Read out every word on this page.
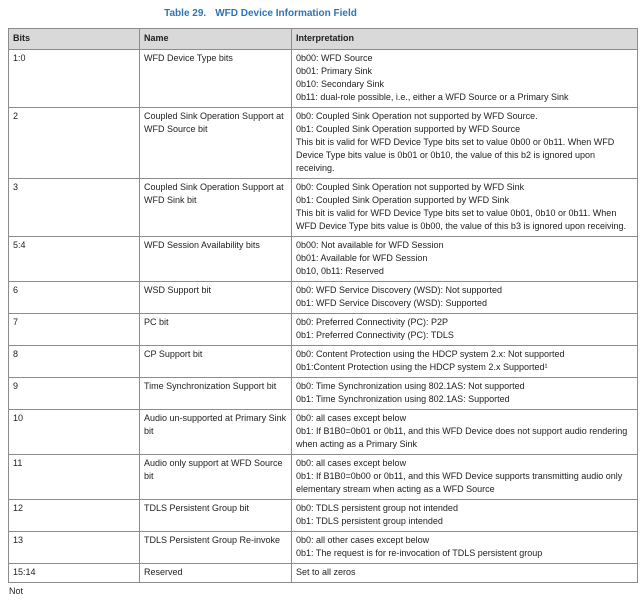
Table 29. WFD Device Information Field
Bits	Name	Interpretation
1:0	WFD Device Type bits	0b00: WFD Source
0b01: Primary Sink
0b10: Secondary Sink
0b11: dual-role possible, i.e., either a WFD Source or a Primary Sink

2	Coupled Sink Operation Support at WFD Source bit	0b0: Coupled Sink Operation not supported by WFD Source.
0b1: Coupled Sink Operation supported by WFD Source
This bit is valid for WFD Device Type bits set to value 0b00 or 0b11. When WFD Device Type bits value is 0b01 or 0b10, the value of this b2 is ignored upon receiving.

3	Coupled Sink Operation Support at WFD Sink bit	0b0: Coupled Sink Operation not supported by WFD Sink
0b1: Coupled Sink Operation supported by WFD Sink
This bit is valid for WFD Device Type bits set to value 0b01, 0b10 or 0b11. When WFD Device Type bits value is 0b00, the value of this b3 is ignored upon receiving.

5:4	WFD Session Availability bits	0b00: Not available for WFD Session
0b01: Available for WFD Session
0b10, 0b11: Reserved

6	WSD Support bit	0b0: WFD Service Discovery (WSD): Not supported
0b1: WFD Service Discovery (WSD): Supported

7	PC bit	0b0: Preferred Connectivity (PC): P2P
0b1: Preferred Connectivity (PC): TDLS

8	CP Support bit	0b0: Content Protection using the HDCP system 2.x: Not supported
0b1:Content Protection using the HDCP system 2.x Supported¹

9	Time Synchronization Support bit	0b0: Time Synchronization using 802.1AS: Not supported
0b1: Time Synchronization using 802.1AS: Supported

10	Audio un-supported at Primary Sink bit	0b0: all cases except below
0b1: If B1B0=0b01 or 0b11, and this WFD Device does not support audio rendering when acting as a Primary Sink

11	Audio only support at WFD Source bit	0b0: all cases except below
0b1: If B1B0=0b00 or 0b11, and this WFD Device supports transmitting audio only elementary stream when acting as a WFD Source

12	TDLS Persistent Group bit	0b0: TDLS persistent group not intended
0b1: TDLS persistent group intended

13	TDLS Persistent Group Re-invoke	0b0: all other cases except below
0b1: The request is for re-invocation of TDLS persistent group

15:14	Reserved	Set to all zeros
Not
